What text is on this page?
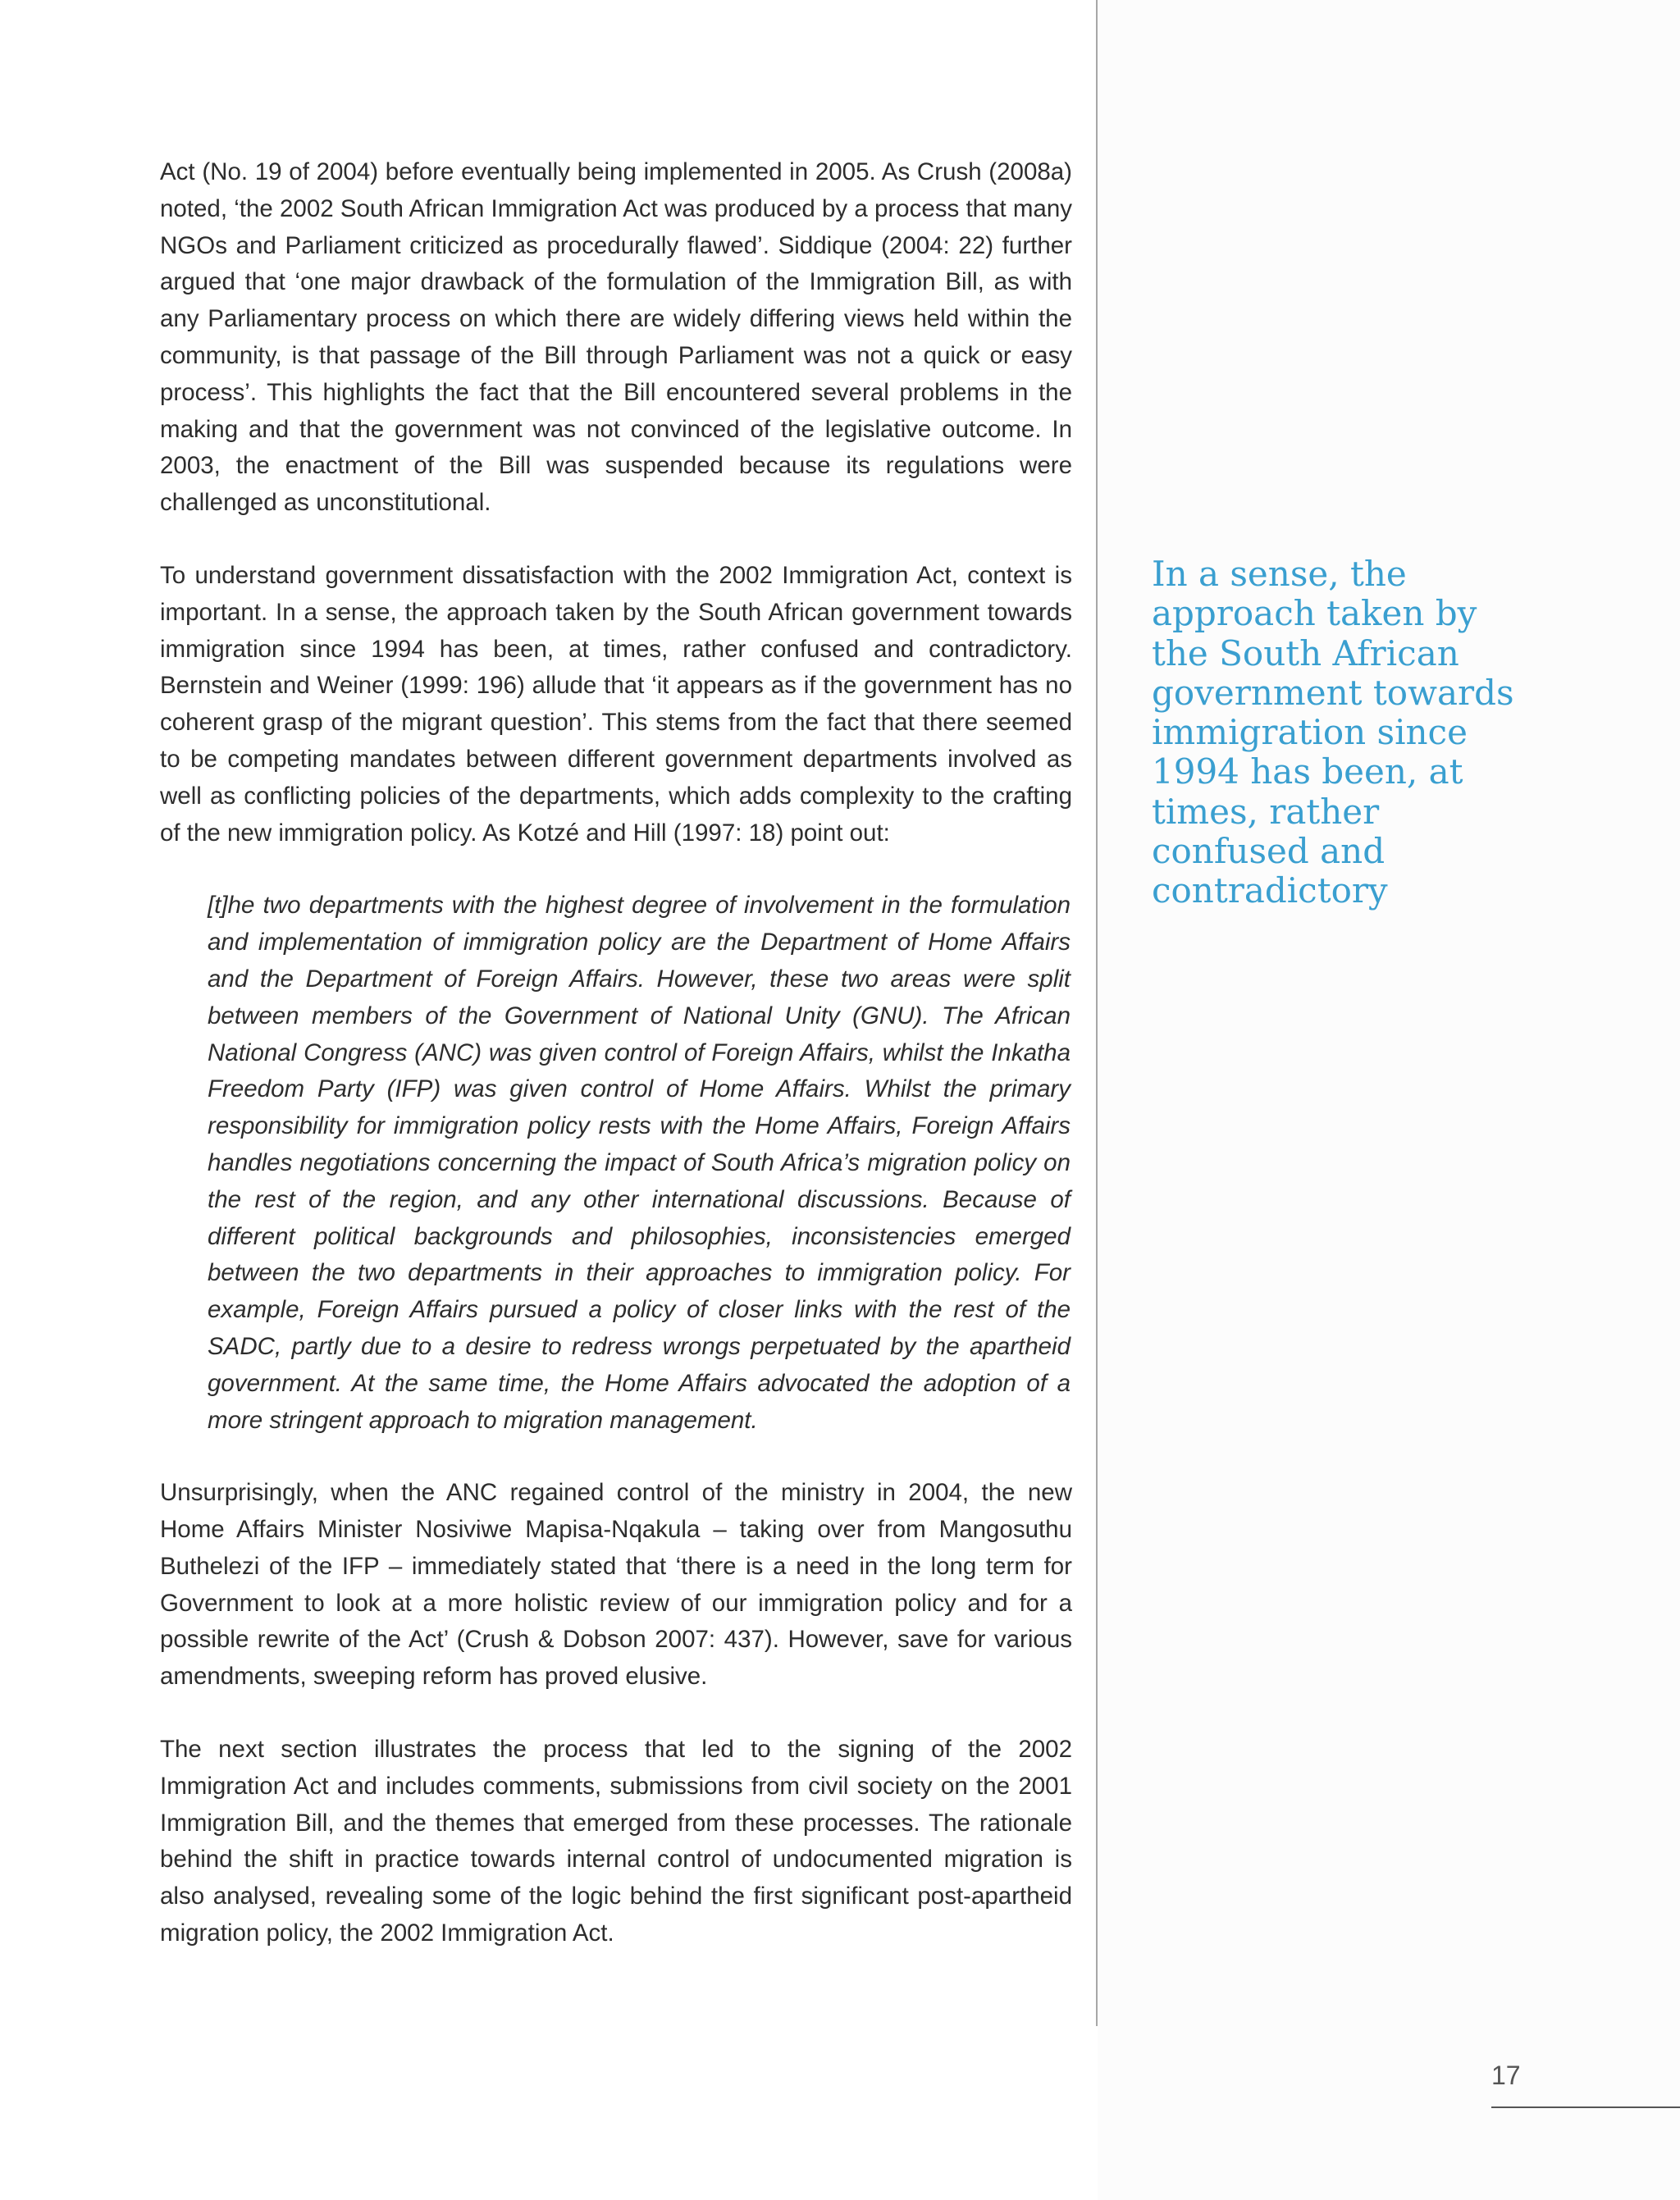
Act (No. 19 of 2004) before eventually being implemented in 2005. As Crush (2008a) noted, ‘the 2002 South African Immigration Act was produced by a process that many NGOs and Parliament criticized as procedurally flawed’. Siddique (2004: 22) further argued that ‘one major drawback of the formulation of the Immigration Bill, as with any Parliamentary process on which there are widely differing views held within the community, is that passage of the Bill through Parliament was not a quick or easy process’. This highlights the fact that the Bill encountered several problems in the making and that the government was not convinced of the legislative outcome. In 2003, the enactment of the Bill was suspended because its regulations were challenged as unconstitutional.

To understand government dissatisfaction with the 2002 Immigration Act, context is important. In a sense, the approach taken by the South African government towards immigration since 1994 has been, at times, rather confused and contradictory. Bernstein and Weiner (1999: 196) allude that ‘it appears as if the government has no coherent grasp of the migrant question’. This stems from the fact that there seemed to be competing mandates between different government departments involved as well as conflicting policies of the departments, which adds complexity to the crafting of the new immigration policy. As Kotzé and Hill (1997: 18) point out:

[t]he two departments with the highest degree of involvement in the formulation and implementation of immigration policy are the Department of Home Affairs and the Department of Foreign Affairs. However, these two areas were split between members of the Government of National Unity (GNU). The African National Congress (ANC) was given control of Foreign Affairs, whilst the Inkatha Freedom Party (IFP) was given control of Home Affairs. Whilst the primary responsibility for immigration policy rests with the Home Affairs, Foreign Affairs handles negotiations concerning the impact of South Africa’s migration policy on the rest of the region, and any other international discussions. Because of different political backgrounds and philosophies, inconsistencies emerged between the two departments in their approaches to immigration policy. For example, Foreign Affairs pursued a policy of closer links with the rest of the SADC, partly due to a desire to redress wrongs perpetuated by the apartheid government. At the same time, the Home Affairs advocated the adoption of a more stringent approach to migration management.

Unsurprisingly, when the ANC regained control of the ministry in 2004, the new Home Affairs Minister Nosiviwe Mapisa-Nqakula – taking over from Mangosuthu Buthelezi of the IFP – immediately stated that ‘there is a need in the long term for Government to look at a more holistic review of our immigration policy and for a possible rewrite of the Act’ (Crush & Dobson 2007: 437). However, save for various amendments, sweeping reform has proved elusive.

The next section illustrates the process that led to the signing of the 2002 Immigration Act and includes comments, submissions from civil society on the 2001 Immigration Bill, and the themes that emerged from these processes. The rationale behind the shift in practice towards internal control of undocumented migration is also analysed, revealing some of the logic behind the first significant post-apartheid migration policy, the 2002 Immigration Act.

In a sense, the approach taken by the South African government towards immigration since 1994 has been, at times, rather confused and contradictory

17
